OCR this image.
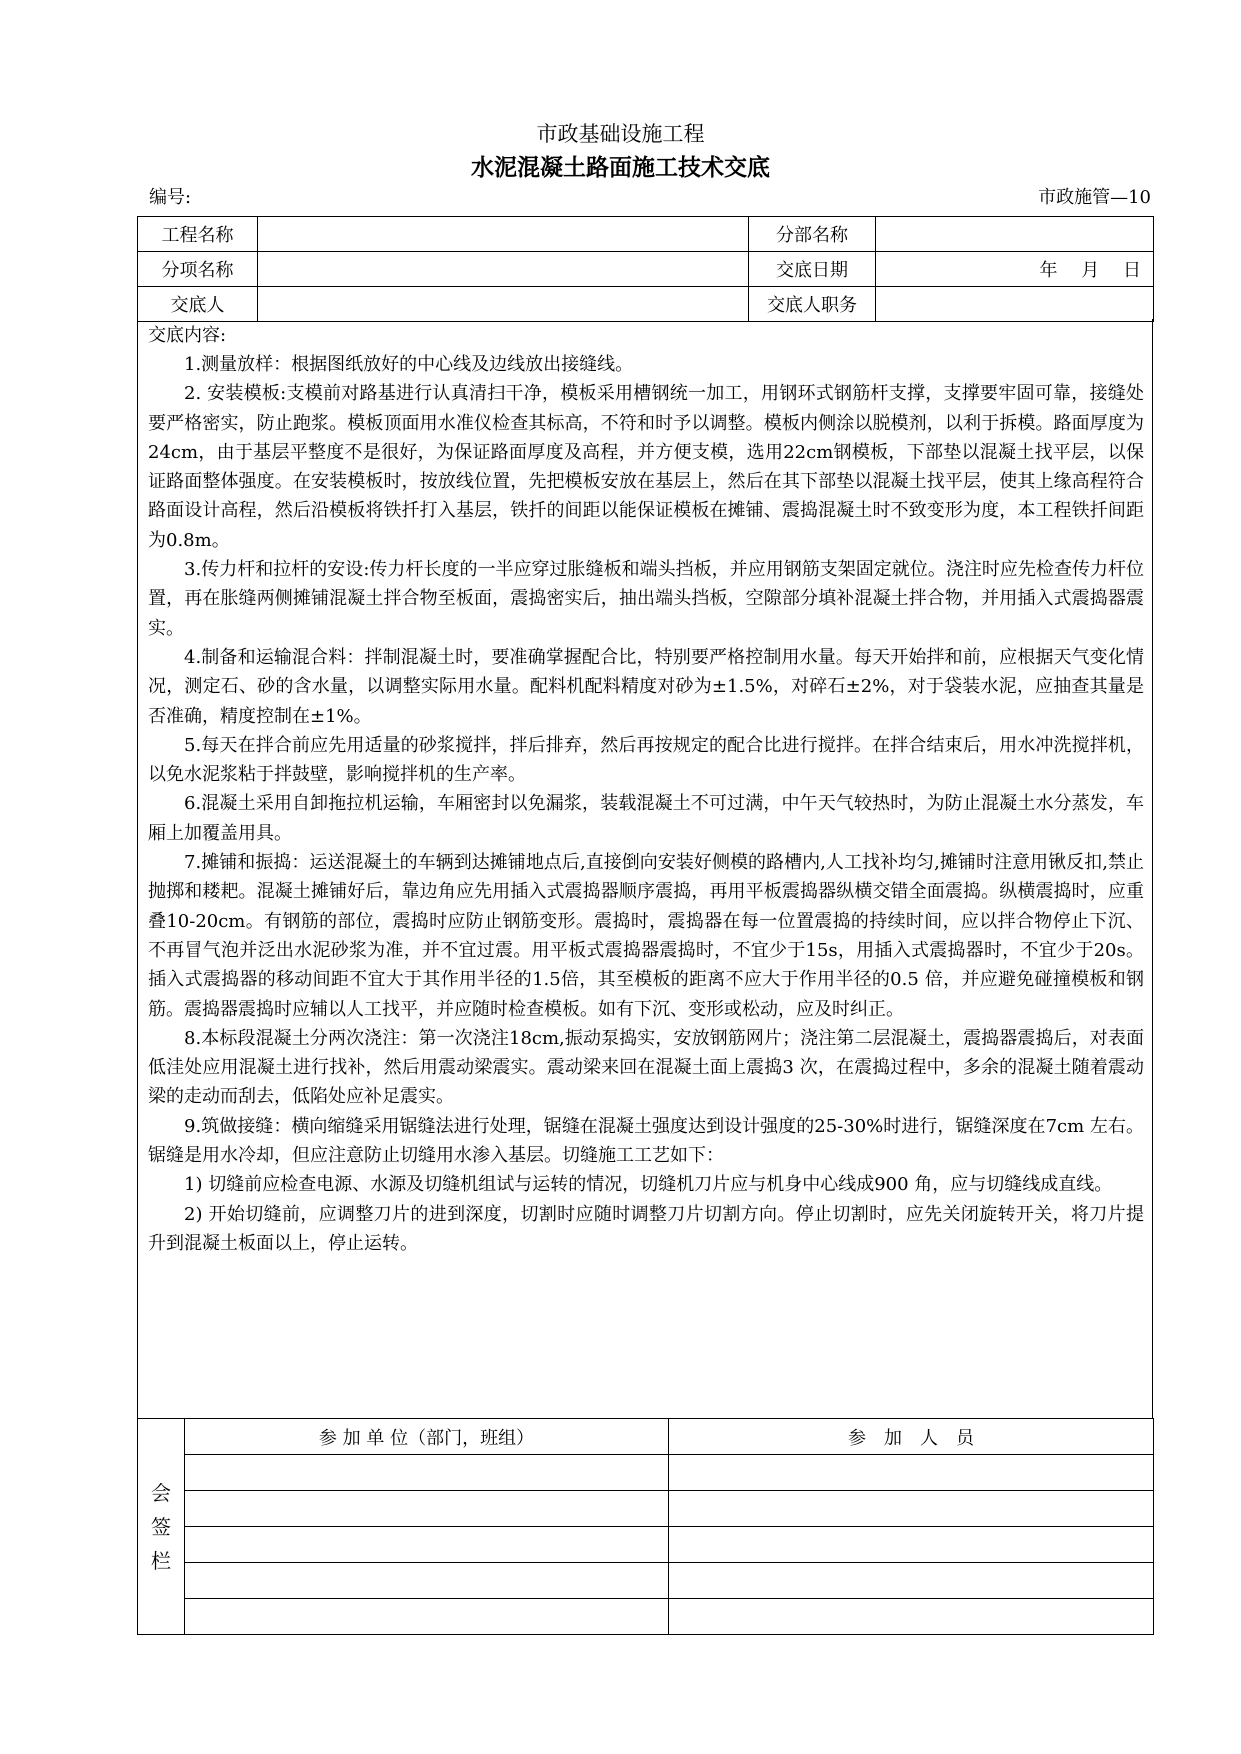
市政基础设施工程
水泥混凝土路面施工技术交底
编号:	市政施管—10
工程名称		分部名称	
分项名称		交底日期	年　 月　 日
交底人		交底人职务	
交底内容:

1.测量放样：根据图纸放好的中心线及边线放出接缝线。

2. 安装模板:支模前对路基进行认真清扫干净，模板采用槽钢统一加工，用钢环式钢筋杆支撑，支撑要牢固可靠，接缝处要严格密实，防止跑浆。模板顶面用水准仪检查其标高，不符和时予以调整。模板内侧涂以脱模剂，以利于拆模。路面厚度为24cm，由于基层平整度不是很好，为保证路面厚度及高程，并方便支模，选用22cm钢模板，下部垫以混凝土找平层，以保证路面整体强度。在安装模板时，按放线位置，先把模板安放在基层上，然后在其下部垫以混凝土找平层，使其上缘高程符合路面设计高程，然后沿模板将铁扦打入基层，铁扦的间距以能保证模板在摊铺、震捣混凝土时不致变形为度，本工程铁扦间距为0.8m。

3.传力杆和拉杆的安设:传力杆长度的一半应穿过胀缝板和端头挡板，并应用钢筋支架固定就位。浇注时应先检查传力杆位置，再在胀缝两侧摊铺混凝土拌合物至板面，震捣密实后，抽出端头挡板，空隙部分填补混凝土拌合物，并用插入式震捣器震实。

4.制备和运输混合料：拌制混凝土时，要准确掌握配合比，特别要严格控制用水量。每天开始拌和前，应根据天气变化情况，测定石、砂的含水量，以调整实际用水量。配料机配料精度对砂为±1.5%，对碎石±2%，对于袋装水泥，应抽查其量是否准确，精度控制在±1%。

5.每天在拌合前应先用适量的砂浆搅拌，拌后排弃，然后再按规定的配合比进行搅拌。在拌合结束后，用水冲洗搅拌机，以免水泥浆粘于拌鼓壁，影响搅拌机的生产率。

6.混凝土采用自卸拖拉机运输，车厢密封以免漏浆，装载混凝土不可过满，中午天气较热时，为防止混凝土水分蒸发，车厢上加覆盖用具。

7.摊铺和振捣：运送混凝土的车辆到达摊铺地点后,直接倒向安装好侧模的路槽内,人工找补均匀,摊铺时注意用锹反扣,禁止抛掷和耧耙。混凝土摊铺好后，靠边角应先用插入式震捣器顺序震捣，再用平板震捣器纵横交错全面震捣。纵横震捣时，应重叠10-20cm。有钢筋的部位，震捣时应防止钢筋变形。震捣时，震捣器在每一位置震捣的持续时间，应以拌合物停止下沉、不再冒气泡并泛出水泥砂浆为准，并不宜过震。用平板式震捣器震捣时，不宜少于15s，用插入式震捣器时，不宜少于20s。插入式震捣器的移动间距不宜大于其作用半径的1.5倍，其至模板的距离不应大于作用半径的0.5 倍，并应避免碰撞模板和钢筋。震捣器震捣时应辅以人工找平，并应随时检查模板。如有下沉、变形或松动，应及时纠正。

8.本标段混凝土分两次浇注：第一次浇注18cm,振动泵捣实，安放钢筋网片；浇注第二层混凝土，震捣器震捣后，对表面低洼处应用混凝土进行找补，然后用震动梁震实。震动梁来回在混凝土面上震捣3 次，在震捣过程中，多余的混凝土随着震动梁的走动而刮去，低陷处应补足震实。

9.筑做接缝：横向缩缝采用锯缝法进行处理，锯缝在混凝土强度达到设计强度的25-30%时进行，锯缝深度在7cm 左右。锯缝是用水冷却，但应注意防止切缝用水渗入基层。切缝施工工艺如下：

1) 切缝前应检查电源、水源及切缝机组试与运转的情况，切缝机刀片应与机身中心线成900 角，应与切缝线成直线。

2) 开始切缝前，应调整刀片的进到深度，切割时应随时调整刀片切割方向。停止切割时，应先关闭旋转开关，将刀片提升到混凝土板面以上，停止运转。

会
签
栏	参 加 单 位（部门，班组）	参　加　人　员
